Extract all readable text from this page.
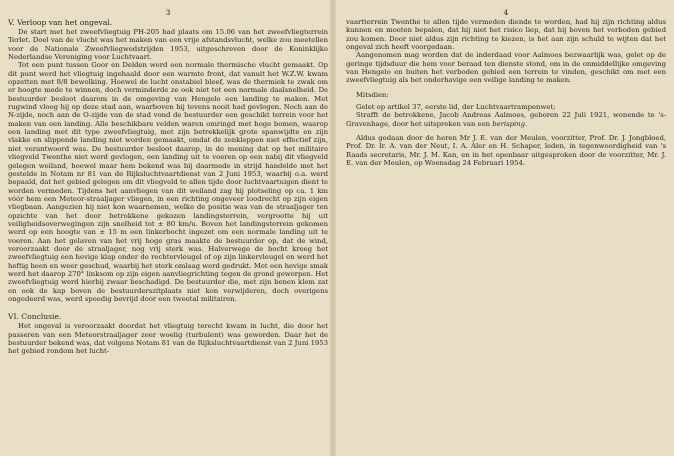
3
V. Verloop van het ongeval.

De start met het zweefvliegtuig PH-205 had plaats om 15.06 van het zweefvliegterrein Terlet. Doel van de vlucht was het maken van een vrije afstandsvlucht, welke zou meetellen voor de Nationale Zweefvliegwedstrijden 1953, uitgeschreven door de Koninklijke Nederlandse Vereniging voor Luchtvaart.

Tot een punt tussen Goor en Delden werd een normale thermische vlucht gemaakt. Op dit punt werd het vliegtuig ingehaald door een warmte front, dat vanuit het W.Z.W. kwam opzetten met 8/8 bewolking. Hoewel de lucht onstabiel bleef, was de thermiek te zwak om er hoogte mede te winnen, doch verminderde ze ook niet tot een normale daalsnelheid. De bestuurder besloot daarom in de omgeving van Hengelo een landing te maken. Met rugwind vloog hij op deze stad aan, waarboven hij tevens nooit had gevlogen. Noch aan de N-zijde, noch aan de O-zijde van de stad vond de bestuurder een geschikt terrein voor het maken van een landing. Alle beschikbare velden waren omringd met hoge bomen, waarop een landing met dit type zweefvliegtuig, met zijn betrekkelijk grote spanwijdte en zijn vlakke en slippende landing niet worden gemaakt, omdat de zenkleppen niet effectief zijn, niet verantwoord was. De bestuurder besloot daarop, in de mening dat op het militaire vliegveld Twenthe niet werd gevlogen, een landing uit te voeren op een nabij dit vliegveld gelegen weiland, hoewel maar hem bekend was bij daarmede in strijd handelde met het gestelde in Notam nr 81 van de Rijksluchtvaartdienst van 2 Juni 1953, waarbij o.a. werd bepaald, dat het gebied gelegen om dit vliegveld te allen tijde door luchtvaartuigen dient te worden vermeden. Tijdens het aanvliegen van dit weiland zag hij plotseling op ca. 1 km vóór hem een Meteor-straaljager vliegen, in een richting ongeveer loodrecht op zijn eigen vliegbaan. Aangezien hij niet kon waarnemen, welke de positie was van de straaljager ten opzichte van het door betrokkene gekozen landingsterrein, vergrootte hij uit veiligheidsoverwegingen zijn snelheid tot ± 80 km/u. Boven het landingsterrein gekomen werd op een hoogte van ± 15 m een linkerbocht ingezet om een normale landing uit te voeren. Aan het gelaven van het vrij hoge gras maakte de bestuurder op, dat de wind, veroorzaakt door de straaljager, nog vrij sterk was. Halverwege de bocht kreeg het zweefvliegtuig een hevige klap onder de rechtervleugel of op zijn linkervleugel en werd het heftig heen en weer geschud, waarbij het sterk omlaag werd gedrukt. Met een hevige smak werd het daarop 270° linksom op zijn eigen aanvliegrichting tegen de grond geworpen. Het zweefvliegtuig werd hierbij zwaar beschadigd. De bestuurder die, met zijn benen klem zat en ook de kap boven de bestuurderszitplaats niet kon verwijderen, doch overigens ongedeerd was, werd spoedig bevrijd door een tweetal militairen.

VI. Conclusie.

Het ongeval is veroorzaakt doordat het vliegtuig terecht kwam in lucht, die door het passeren van een Meteorstraaljager zeer woelig (turbulent) was geworden. Daar het de bestuurder bekend was, dat volgens Notam 81 van de Rijksluchtvaartdienst van 2 Juni 1953 het gebied rondom het lucht-

4

vaartterrein Twenthe te allen tijde vermeden diende te worden, had hij zijn richting aldus kunnen en moeten bepalen, dat hij niet het risico liep, dat hij boven het verboden gebied zou komen. Door niet aldus zijn richting te kiezen, is het aan zijn schuld te wijten dat het ongeval zich heeft voorgedaan.

Aangenomen mag worden dat de inderdaad voor Aalmoes bezwaarlijk was, gelet op de geringe tijdsduur die hem voor beraad ten dienste stond, om in de onmiddellijke omgeving van Hengelo en buiten het verboden gebied een terrein te vinden, geschikt om met een zweefvliegtuig als het onderhavige een veilige landing te maken.

Mitsdien:

Gelet op artikel 37, eerste lid, der Luchtvaartrampenwet;

Strafft de betrokkene, Jacob Andreas Aalmoes, geboren 22 Juli 1921, wonende te 's-Gravenhage, door het uitspreken van een berisping.

Aldus gedaan door de heren Mr J. E. van der Meulen, voorzitter, Prof. Dr. J. Jongbloed, Prof. Dr. Ir. A. van der Neut, I. A. Aler en H. Schaper, leden, in tegenwoordigheid van 's Raads secretaris, Mr. J. M. Kan, en in het openbaar uitgesproken door de voorzitter, Mr. J. E. van der Meulen, op Woensdag 24 Februari 1954.
